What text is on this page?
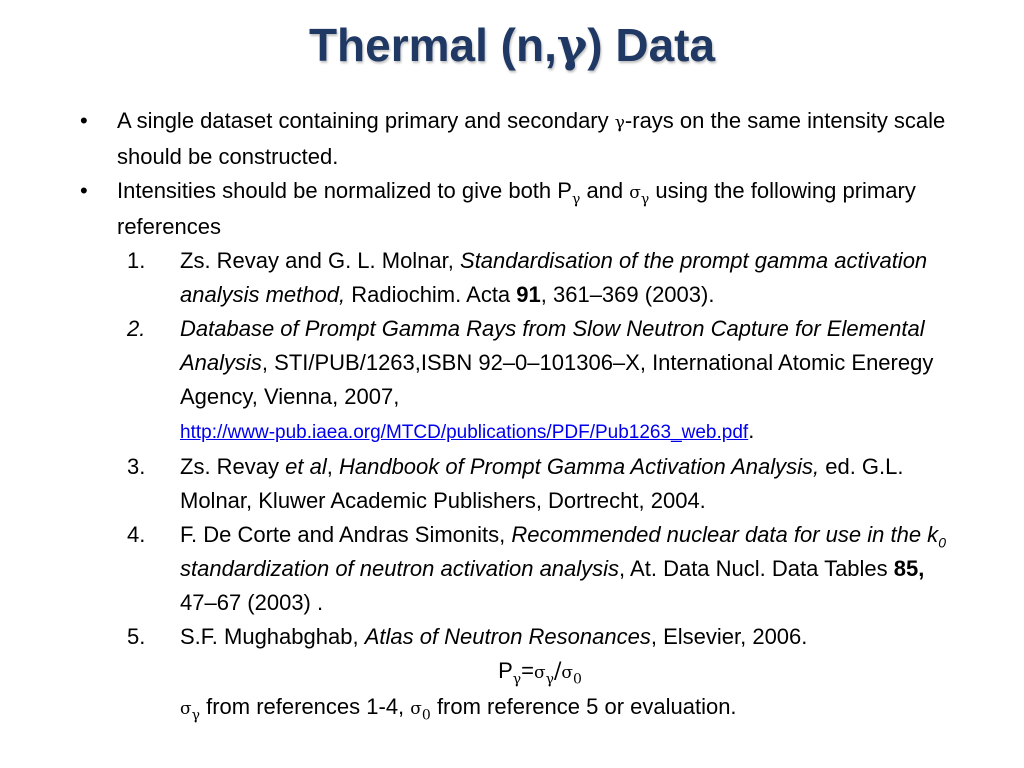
Thermal (n,γ) Data
• A single dataset containing primary and secondary γ-rays on the same intensity scale should be constructed.
• Intensities should be normalized to give both $P_\gamma$ and $\sigma_\gamma$ using the following primary references
1. Zs. Revay and G. L. Molnar, Standardisation of the prompt gamma activation analysis method, Radiochim. Acta 91, 361–369 (2003).
2. Database of Prompt Gamma Rays from Slow Neutron Capture for Elemental Analysis, STI/PUB/1263,ISBN 92–0–101306–X, International Atomic Eneregy Agency, Vienna, 2007,
http://www-pub.iaea.org/MTCD/publications/PDF/Pub1263_web.pdf.
3. Zs. Revay et al, Handbook of Prompt Gamma Activation Analysis, ed. G.L. Molnar, Kluwer Academic Publishers, Dortrecht, 2004.
4. F. De Corte and Andras Simonits, Recommended nuclear data for use in the $k_0$ standardization of neutron activation analysis, At. Data Nucl. Data Tables 85, 47–67 (2003) .
5. S.F. Mughabghab, Atlas of Neutron Resonances, Elsevier, 2006.
$P_\gamma=\sigma_\gamma/\sigma_0$
$\sigma_\gamma$ from references 1-4, $\sigma_0$ from reference 5 or evaluation.
